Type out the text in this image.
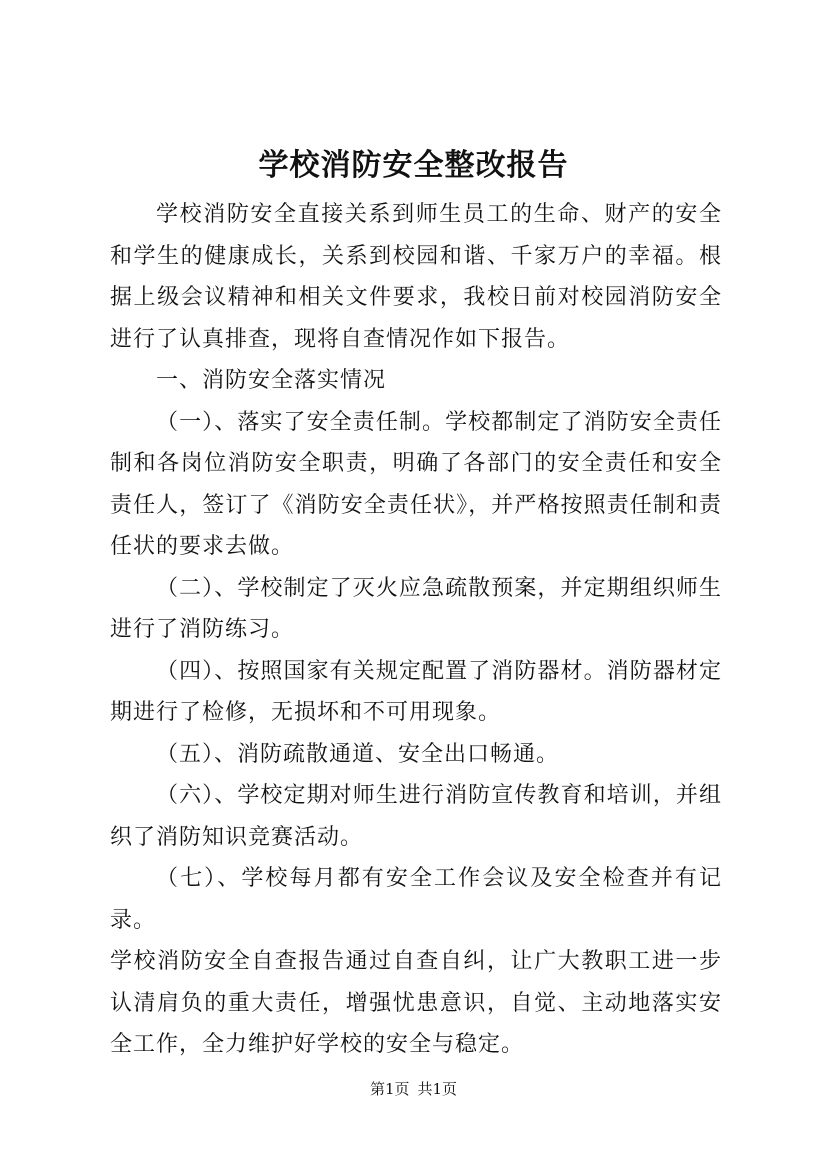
学校消防安全整改报告

学校消防安全直接关系到师生员工的生命、财产的安全和学生的健康成长，关系到校园和谐、千家万户的幸福。根据上级会议精神和相关文件要求，我校日前对校园消防安全进行了认真排查，现将自查情况作如下报告。

一、消防安全落实情况

（一）、落实了安全责任制。学校都制定了消防安全责任制和各岗位消防安全职责，明确了各部门的安全责任和安全责任人，签订了《消防安全责任状》，并严格按照责任制和责任状的要求去做。

（二）、学校制定了灭火应急疏散预案，并定期组织师生进行了消防练习。

（四）、按照国家有关规定配置了消防器材。消防器材定期进行了检修，无损坏和不可用现象。

（五）、消防疏散通道、安全出口畅通。

（六）、学校定期对师生进行消防宣传教育和培训，并组织了消防知识竞赛活动。

（七）、学校每月都有安全工作会议及安全检查并有记录。

学校消防安全自查报告通过自查自纠，让广大教职工进一步认清肩负的重大责任，增强忧患意识，自觉、主动地落实安全工作，全力维护好学校的安全与稳定。

第1页 共1页
